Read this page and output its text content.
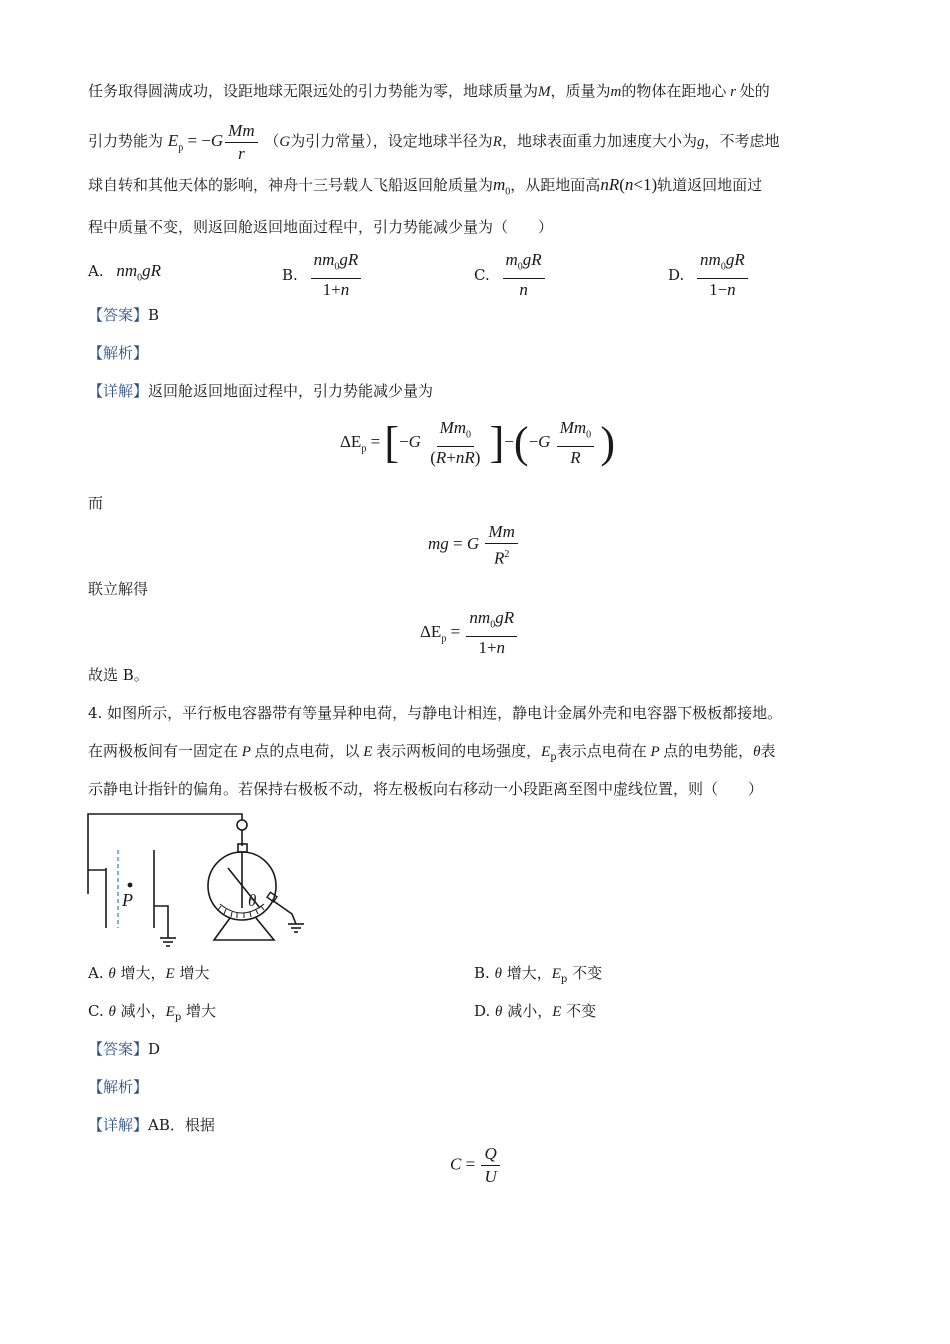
任务取得圆满成功，设距地球无限远处的引力势能为零，地球质量为M，质量为m的物体在距地心 r 处的
引力势能为 $E_p = -G \frac{Mm}{r} (G$为引力常量），设定地球半径为R，地球表面重力加速度大小为g，不考虑地
球自转和其他天体的影响，神舟十三号载人飞船返回舱质量为$m_0$，从距地面高nR(n<1)轨道返回地面过
程中质量不变，则返回舱返回地面过程中，引力势能减少量为（　　）
A. $nm_0gR$	B. $\frac{nm_0gR}{1+n}$	C. $\frac{m_0gR}{n}$	D. $\frac{nm_0gR}{1-n}$
【答案】B
【解析】
【详解】返回舱返回地面过程中，引力势能减少量为
$\Delta E_p = [-G \frac{Mm_0}{(R+nR)} ]-(-G \frac{Mm_0}{R}$ )
而
mg = G $\frac{Mm}{R^2}$
联立解得
$\Delta E_p = \frac{nm_0gR}{1+n}$
故选 B。
4. 如图所示，平行板电容器带有等量异种电荷，与静电计相连，静电计金属外壳和电容器下极板都接地。
在两极板间有一固定在 P 点的点电荷，以 E 表示两板间的电场强度，$E_p$表示点电荷在 P 点的电势能，θ表
示静电计指针的偏角。若保持右极板不动，将左极板向右移动一小段距离至图中虚线位置，则（　　）
P	θ
A. θ 增大，E 增大	B. θ 增大，$E_p$ 不变
C. θ 减小，$E_p$ 增大	D. θ 减小，E 不变
【答案】D
【解析】
【详解】AB．根据
$C = \frac{Q}{U}$
